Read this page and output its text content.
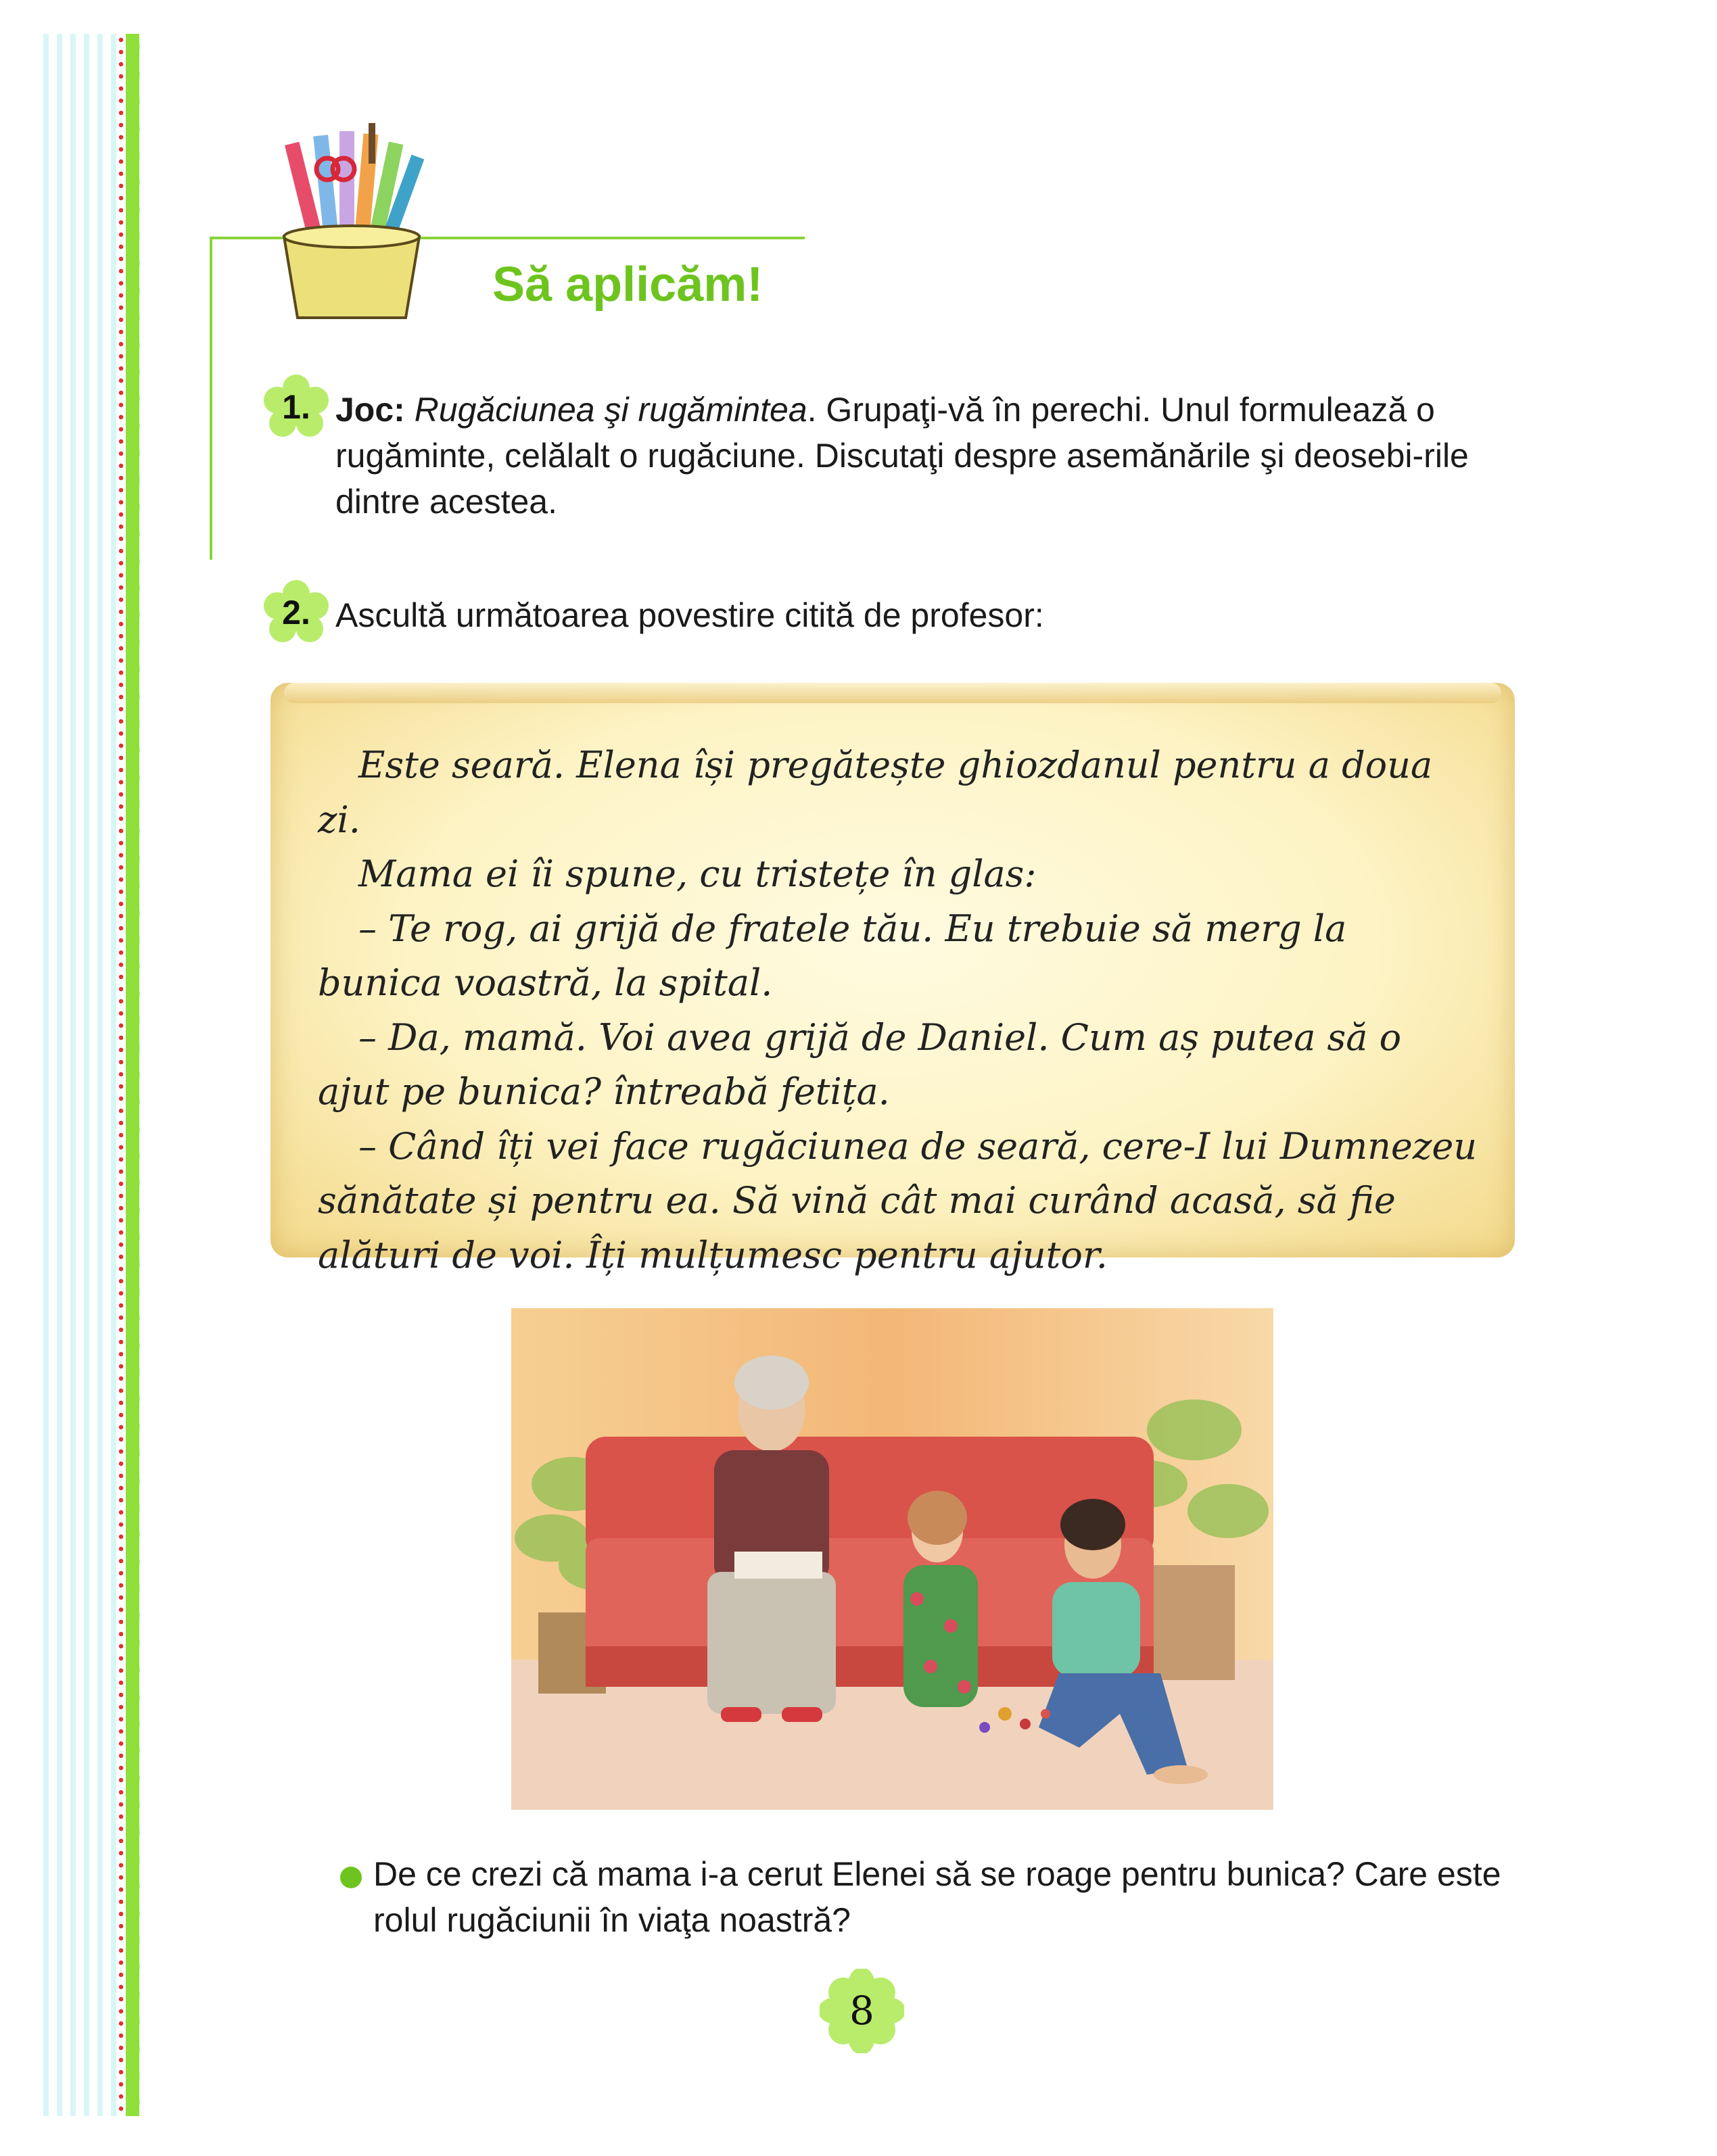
Să aplicăm!
1. Joc: Rugăciunea şi rugămintea. Grupaţi-vă în perechi. Unul formulează o rugăminte, celălalt o rugăciune. Discutaţi despre asemănările şi deosebi-rile dintre acestea.
2. Ascultă următoarea povestire citită de profesor:

Este seară. Elena își pregătește ghiozdanul pentru a doua zi.

Mama ei îi spune, cu tristețe în glas:

– Te rog, ai grijă de fratele tău. Eu trebuie să merg la bunica voastră, la spital.

– Da, mamă. Voi avea grijă de Daniel. Cum aș putea să o ajut pe bunica? întreabă fetița.

– Când îți vei face rugăciunea de seară, cere-I lui Dumnezeu sănătate și pentru ea. Să vină cât mai curând acasă, să fie alături de voi. Îți mulțumesc pentru ajutor.

De ce crezi că mama i-a cerut Elenei să se roage pentru bunica? Care este rolul rugăciunii în viaţa noastră?
8
